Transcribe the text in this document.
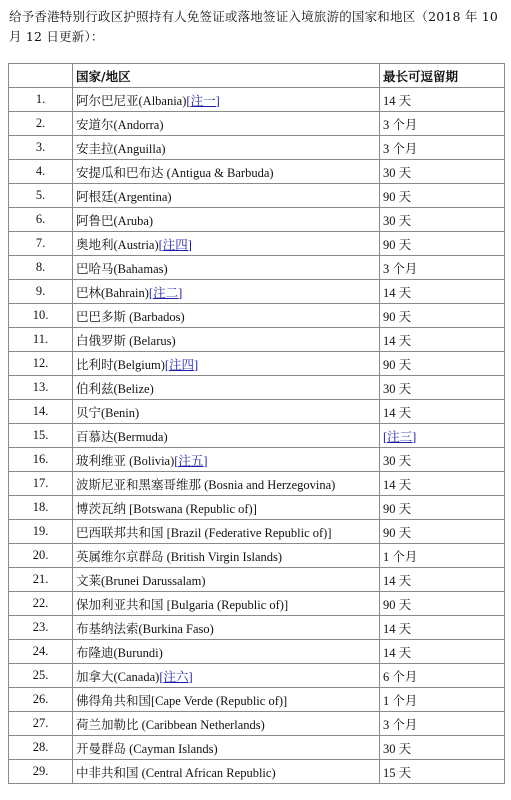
给予香港特别行政区护照持有人免签证或落地签证入境旅游的国家和地区（2018 年 10 月 12 日更新）：
	国家/地区	最长可逗留期
1.	阿尔巴尼亚(Albania)[注一]	14 天
2.	安道尔(Andorra)	3 个月
3.	安圭拉(Anguilla)	3 个月
4.	安提瓜和巴布达 (Antigua & Barbuda)	30 天
5.	阿根廷(Argentina)	90 天
6.	阿鲁巴(Aruba)	30 天
7.	奥地利(Austria)[注四]	90 天
8.	巴哈马(Bahamas)	3 个月
9.	巴林(Bahrain)[注二]	14 天
10.	巴巴多斯 (Barbados)	90 天
11.	白俄罗斯 (Belarus)	14 天
12.	比利时(Belgium)[注四]	90 天
13.	伯利兹(Belize)	30 天
14.	贝宁(Benin)	14 天
15.	百慕达(Bermuda)	[注三]
16.	玻利维亚 (Bolivia)[注五]	30 天
17.	波斯尼亚和黑塞哥维那 (Bosnia and Herzegovina)	14 天
18.	博茨瓦纳 [Botswana (Republic of)]	90 天
19.	巴西联邦共和国 [Brazil (Federative Republic of)]	90 天
20.	英属维尔京群岛 (British Virgin Islands)	1 个月
21.	文莱(Brunei Darussalam)	14 天
22.	保加利亚共和国 [Bulgaria (Republic of)]	90 天
23.	布基纳法索(Burkina Faso)	14 天
24.	布隆迪(Burundi)	14 天
25.	加拿大(Canada)[注六]	6 个月
26.	佛得角共和国[Cape Verde (Republic of)]	1 个月
27.	荷兰加勒比 (Caribbean Netherlands)	3 个月
28.	开曼群岛 (Cayman Islands)	30 天
29.	中非共和国 (Central African Republic)	15 天
